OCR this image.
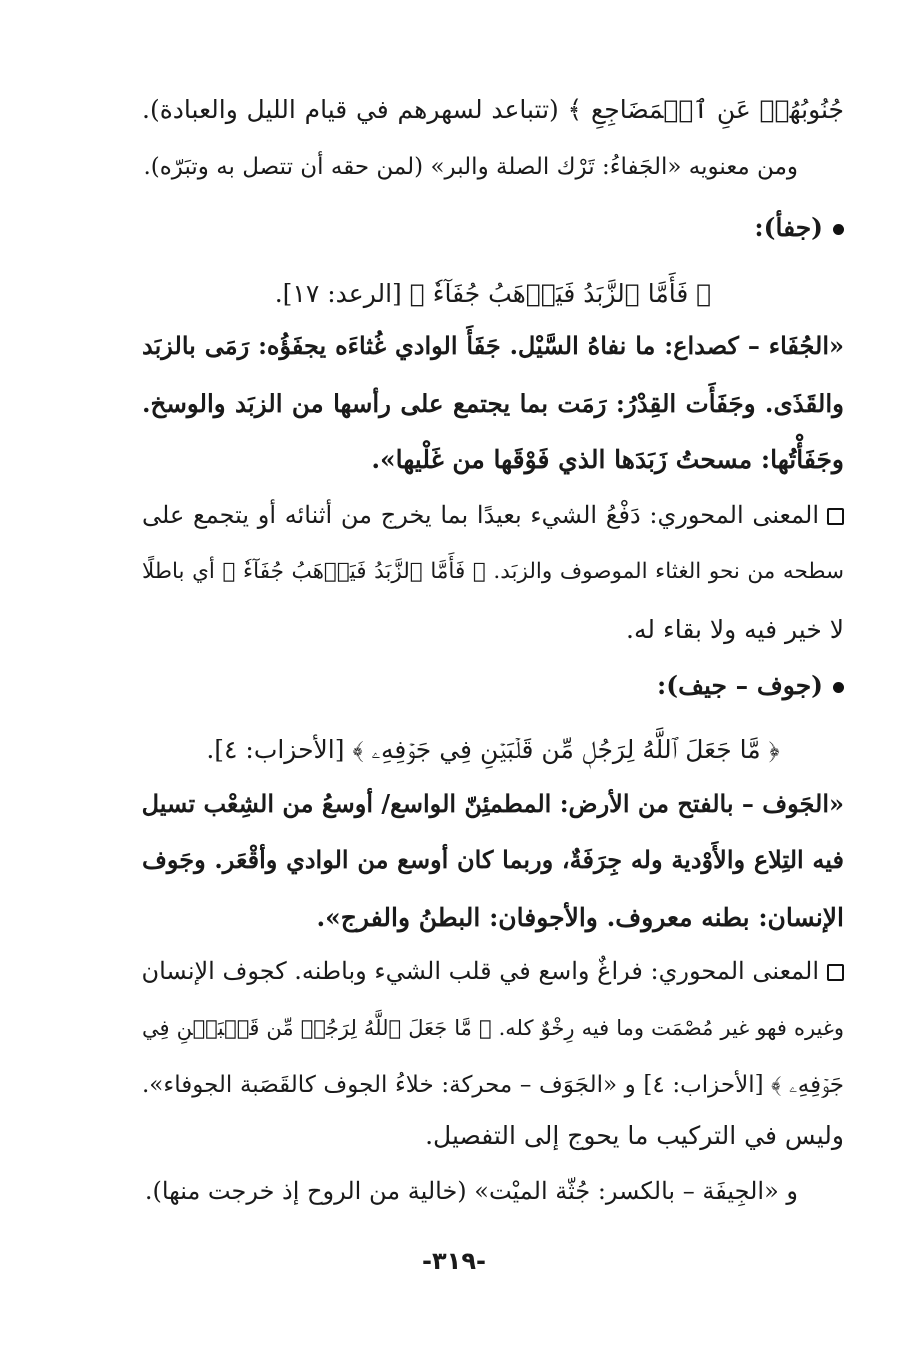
جُنُوبُهُمۡ عَنِ ٱلۡمَضَاجِعِ ﴾ (تتباعد لسهرهم في قيام الليل والعبادة).
ومن معنويه «الجَفاءُ: تَرْك الصلة والبر» (لمن حقه أن تتصل به وتبَرّه).
(جفأ):
﴿ فَأَمَّا ٱلزَّبَدُ فَيَذۡهَبُ جُفَآءٗ ﴾ [الرعد: ١٧].
«الجُفَاء – كصداع: ما نفاهُ السَّيْل. جَفَأَ الوادي غُثاءَه يجفَؤُه: رَمَى بالزبَد
والقَذَى. وجَفَأَت القِدْرُ: رَمَت بما يجتمع على رأسها من الزبَد والوسخ.
وجَفَأْتُها: مسحتُ زَبَدَها الذي فَوْقَها من غَلْيها».
المعنى المحوري: دَفْعُ الشيء بعيدًا بما يخرج من أثنائه أو يتجمع على
سطحه من نحو الغثاء الموصوف والزبَد. ﴿ فَأَمَّا ٱلزَّبَدُ فَيَذۡهَبُ جُفَآءٗ ﴾ أي باطلًا
لا خير فيه ولا بقاء له.
(جوف – جيف):
﴿ مَّا جَعَلَ ٱللَّهُ لِرَجُلٖ مِّن قَلۡبَيۡنِ فِي جَوۡفِهِۦ ﴾ [الأحزاب: ٤].
«الجَوف – بالفتح من الأرض: المطمئِنّ الواسع/ أوسعُ من الشِعْب تسيل
فيه التِلاع والأَوْدية وله جِرَفَةٌ، وربما كان أوسع من الوادي وأقْعَر. وجَوف
الإنسان: بطنه معروف. والأجوفان: البطنُ والفرج».
المعنى المحوري: فراغٌ واسع في قلب الشيء وباطنه. كجوف الإنسان
وغيره فهو غير مُصْمَت وما فيه رِخْوٌ كله. ﴿ مَّا جَعَلَ ٱللَّهُ لِرَجُلٖ مِّن قَلۡبَيۡنِ فِي
جَوۡفِهِۦ ﴾ [الأحزاب: ٤] و «الجَوَف – محركة: خلاءُ الجوف كالقَصَبة الجوفاء».
وليس في التركيب ما يحوج إلى التفصيل.
و «الجِيفَة – بالكسر: جُثّة الميْت» (خالية من الروح إذ خرجت منها).
-٣١٩-
